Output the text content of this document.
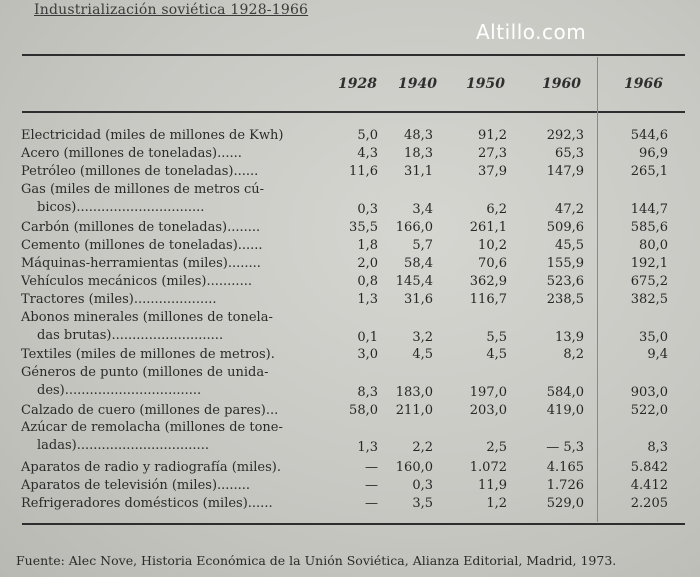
Industrialización soviética 1928-1966
Altillo.com
1928 1940 1950	1960	1966
Electricidad (miles de millones de Kwh)	5,0	48,3	91,2	292,3	544,6
Acero (millones de toneladas)......	4,3	18,3	27,3	65,3	96,9
Petróleo (millones de toneladas)......	11,6	31,1	37,9	147,9	265,1
Gas (miles de millones de metros cú-
bicos)...............................	0,3	3,4	6,2	47,2	144,7
Carbón (millones de toneladas)........	35,5	166,0	261,1	509,6	585,6
Cemento (millones de toneladas)......	1,8	5,7	10,2	45,5	80,0
Máquinas-herramientas (miles)........	2,0	58,4	70,6	155,9	192,1
Vehículos mecánicos (miles)...........	0,8	145,4	362,9	523,6	675,2
Tractores (miles)....................	1,3	31,6	116,7	238,5	382,5
Abonos minerales (millones de tonela-
das brutas)...........................	0,1	3,2	5,5	13,9	35,0
Textiles (miles de millones de metros).	3,0	4,5	4,5	8,2	9,4
Géneros de punto (millones de unida-
des).................................	8,3	183,0	197,0	584,0	903,0
Calzado de cuero (millones de pares)...	58,0	211,0	203,0	419,0	522,0
Azúcar de remolacha (millones de tone-
ladas)................................	1,3	2,2	2,5	— 5,3	8,3
Aparatos de radio y radiografía (miles).	—	160,0	1.072	4.165	5.842
Aparatos de televisión (miles)........	—	0,3	11,9	1.726	4.412
Refrigeradores domésticos (miles)......	—	3,5	1,2	529,0	2.205
Fuente: Alec Nove, Historia Económica de la Unión Soviética, Alianza Editorial, Madrid, 1973.
